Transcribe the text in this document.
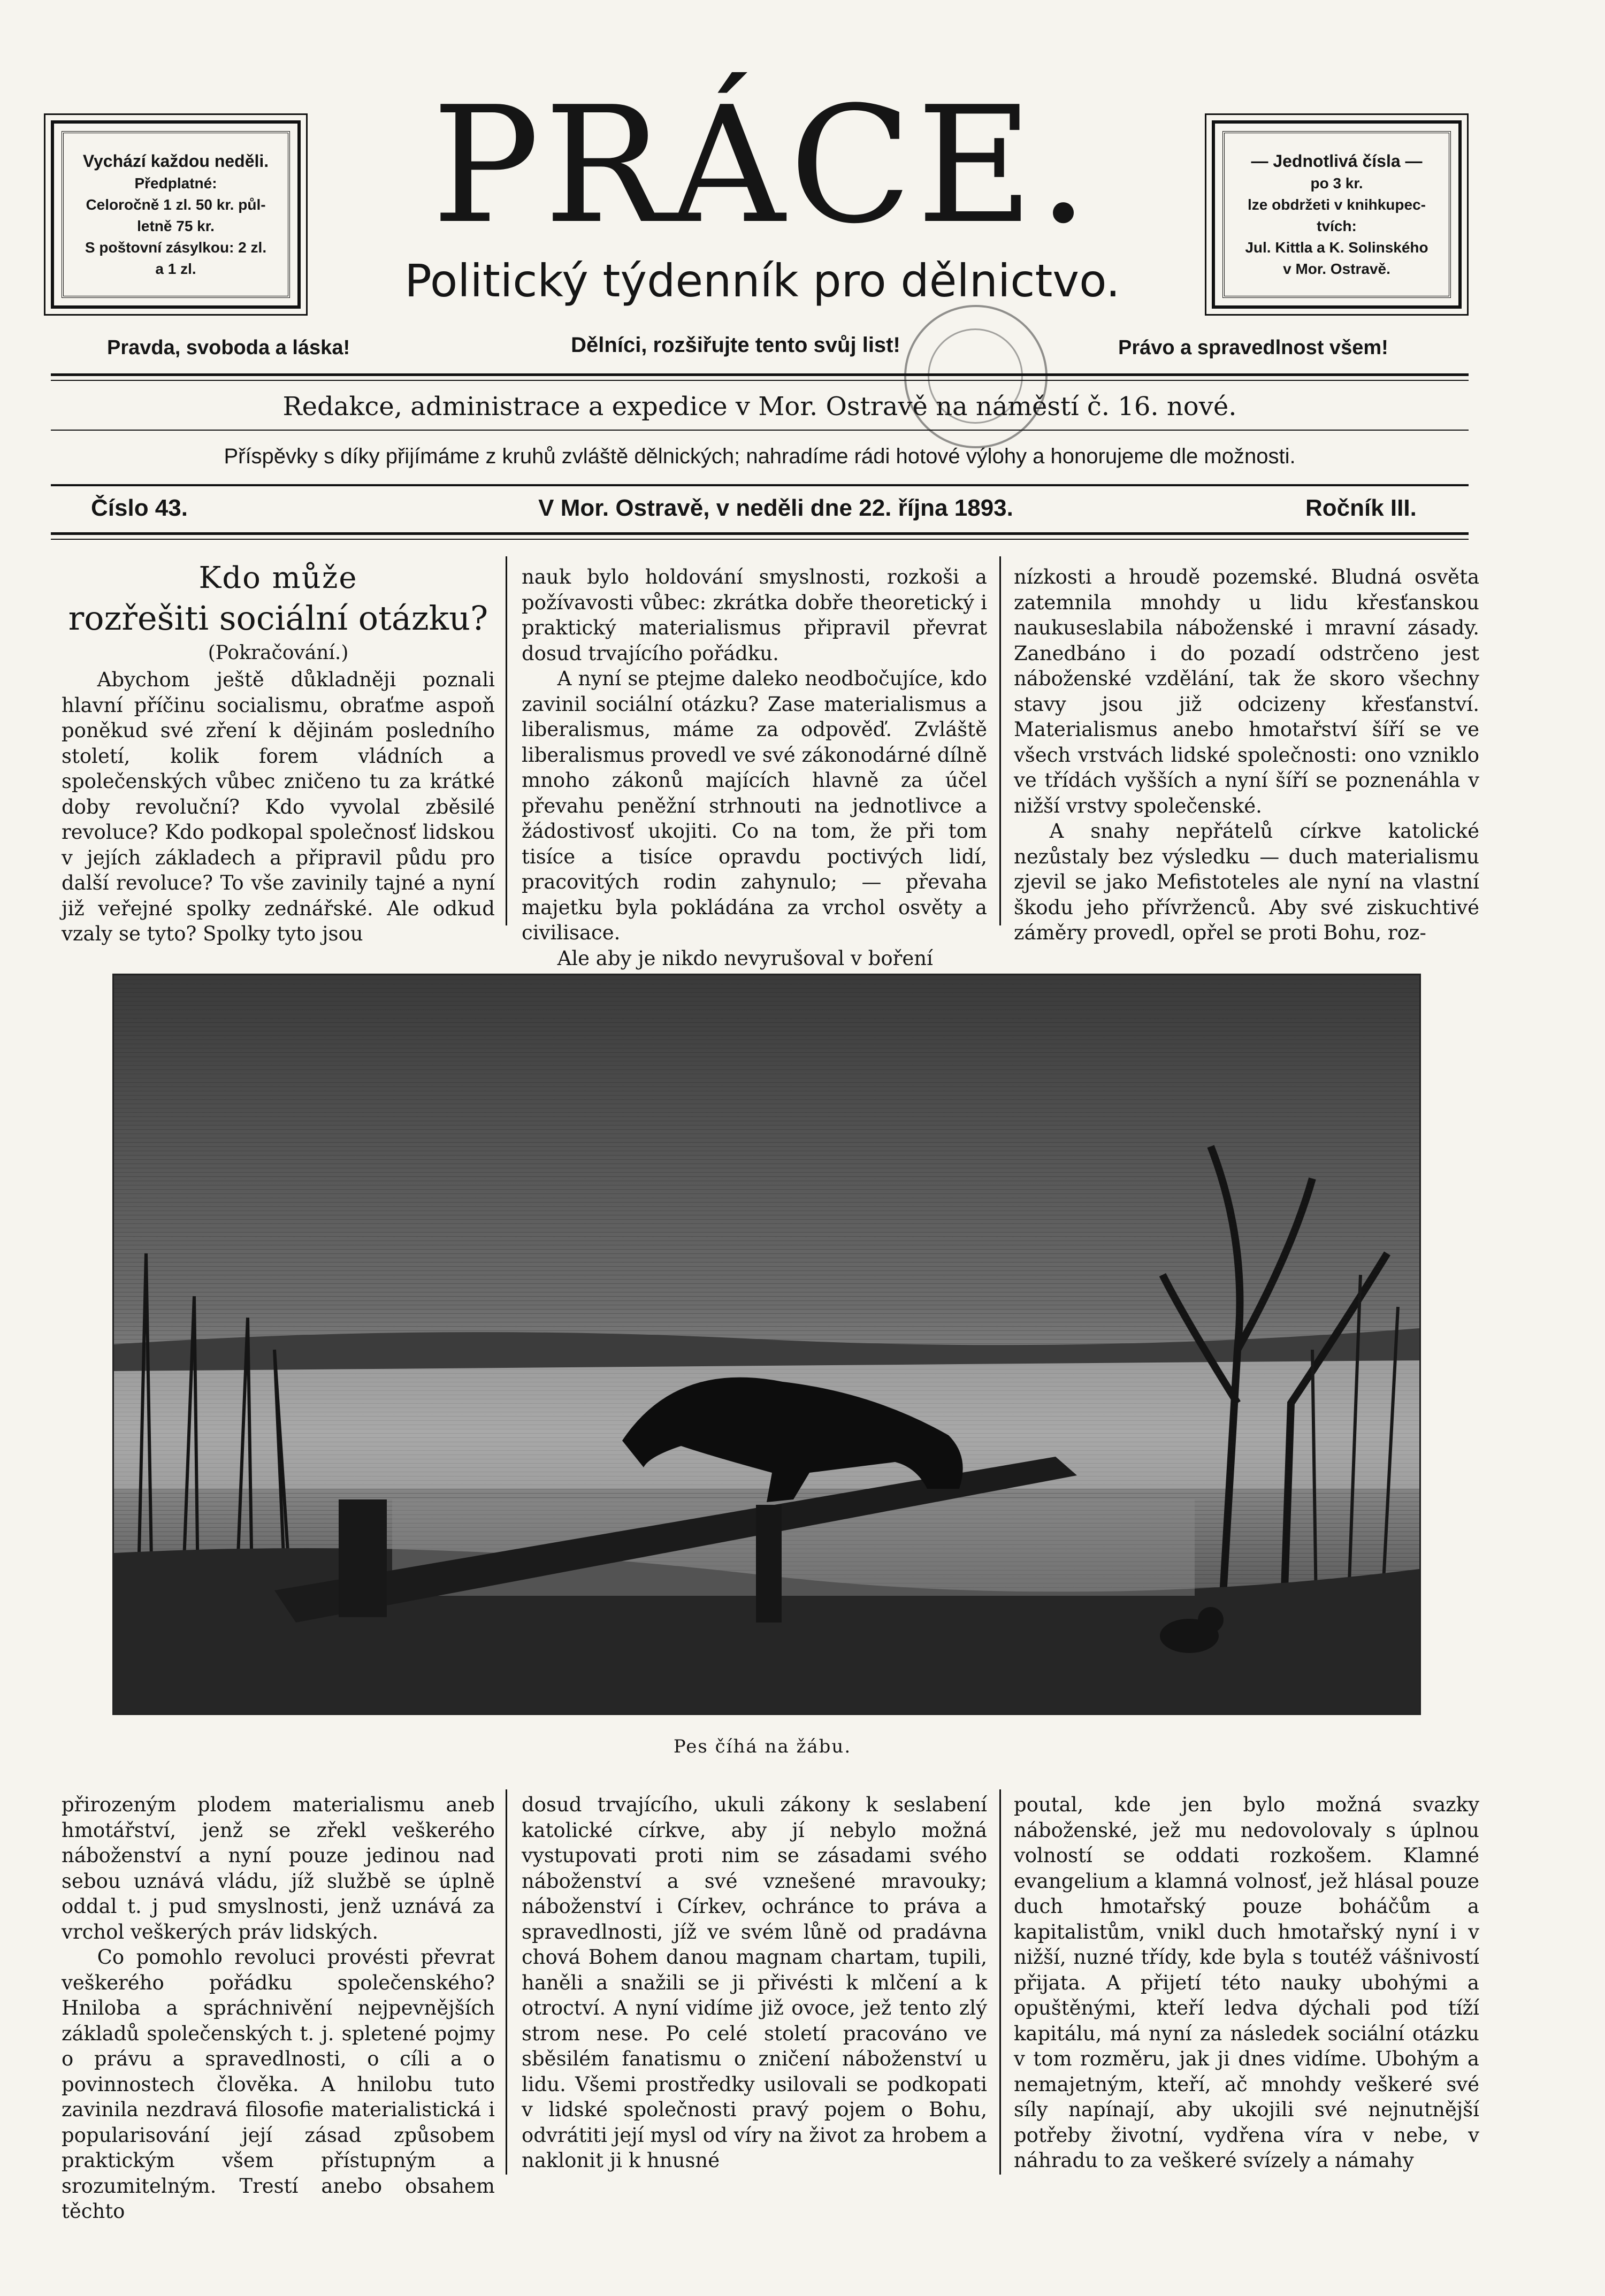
Vychází každou neděli.
Předplatné:
Celoročně 1 zl. 50 kr. půl-
letně 75 kr.
S poštovní zásylkou: 2 zl.
a 1 zl.
PRÁCE.
Politický týdenník pro dělnictvo.
— Jednotlivá čísla —
po 3 kr.
lze obdržeti v knihkupec-
tvích:
Jul. Kittla a K. Solinského
v Mor. Ostravě.
Pravda, svoboda a láska!	Dělníci, rozšiřujte tento svůj list!	Právo a spravedlnost všem!
Redakce, administrace a expedice v Mor. Ostravě na náměstí č. 16. nové.
Příspěvky s díky přijímáme z kruhů zvláště dělnických; nahradíme rádi hotové výlohy a honorujeme dle možnosti.
Číslo 43.	V Mor. Ostravě, v neděli dne 22. října 1893.	Ročník III.
Kdo může
rozřešiti sociální otázku?
(Pokračování.)

Abychom ještě důkladněji poznali hlavní příčinu socialismu, obraťme aspoň poněkud své zření k dějinám posledního století, kolik forem vládních a společenských vůbec zničeno tu za krátké doby revoluční? Kdo vyvolal zběsilé revoluce? Kdo podkopal společnosť lidskou v jejích základech a připravil půdu pro další revoluce? To vše zavinily tajné a nyní již veřejné spolky zednářské. Ale odkud vzaly se tyto? Spolky tyto jsou

nauk bylo holdování smyslnosti, rozkoši a požívavosti vůbec: zkrátka dobře theoretický i praktický materialismus připravil převrat dosud trvajícího pořádku.

A nyní se ptejme daleko neodbočujíce, kdo zavinil sociální otázku? Zase materialismus a liberalismus, máme za odpověď. Zvláště liberalismus provedl ve své zákonodárné dílně mnoho zákonů majících hlavně za účel převahu peněžní strhnouti na jednotlivce a žádostivosť ukojiti. Co na tom, že při tom tisíce a tisíce opravdu poctivých lidí, pracovitých rodin zahynulo; — převaha majetku byla pokládána za vrchol osvěty a civilisace.

Ale aby je nikdo nevyrušoval v boření

nízkosti a hroudě pozemské. Bludná osvěta zatemnila mnohdy u lidu křesťanskou naukuseslabila náboženské i mravní zásady. Zanedbáno i do pozadí odstrčeno jest náboženské vzdělání, tak že skoro všechny stavy jsou již odcizeny křesťanství. Materialismus anebo hmotařství šíří se ve všech vrstvách lidské společnosti: ono vzniklo ve třídách vyšších a nyní šíří se poznenáhla v nižší vrstvy společenské.

A snahy nepřátelů církve katolické nezůstaly bez výsledku — duch materialismu zjevil se jako Mefistoteles ale nyní na vlastní škodu jeho přívrženců. Aby své ziskuchtivé záměry provedl, opřel se proti Bohu, roz-

Pes číhá na žábu.

přirozeným plodem materialismu aneb hmotářství, jenž se zřekl veškerého náboženství a nyní pouze jedinou nad sebou uznává vládu, jíž službě se úplně oddal t. j pud smyslnosti, jenž uznává za vrchol veškerých práv lidských.

Co pomohlo revoluci provésti převrat veškerého pořádku společenského? Hniloba a spráchnivění nejpevnějších základů společenských t. j. spletené pojmy o právu a spravedlnosti, o cíli a o povinnostech člověka. A hnilobu tuto zavinila nezdravá filosofie materialistická i popularisování její zásad způsobem praktickým všem přístupným a srozumitelným. Trestí anebo obsahem těchto

dosud trvajícího, ukuli zákony k seslabení katolické církve, aby jí nebylo možná vystupovati proti nim se zásadami svého náboženství a své vznešené mravouky; náboženství i Církev, ochránce to práva a spravedlnosti, jíž ve svém lůně od pradávna chová Bohem danou magnam chartam, tupili, haněli a snažili se ji přivésti k mlčení a k otroctví. A nyní vidíme již ovoce, jež tento zlý strom nese. Po celé století pracováno ve sběsilém fanatismu o zničení náboženství u lidu. Všemi prostředky usilovali se podkopati v lidské společnosti pravý pojem o Bohu, odvrátiti její mysl od víry na život za hrobem a naklonit ji k hnusné

poutal, kde jen bylo možná svazky náboženské, jež mu nedovolovaly s úplnou volností se oddati rozkošem. Klamné evangelium a klamná volnosť, jež hlásal pouze duch hmotařský pouze boháčům a kapitalistům, vnikl duch hmotařský nyní i v nižší, nuzné třídy, kde byla s toutéž vášnivostí přijata. A přijetí této nauky ubohými a opuštěnými, kteří ledva dýchali pod tíží kapitálu, má nyní za následek sociální otázku v tom rozměru, jak ji dnes vidíme. Ubohým a nemajetným, kteří, ač mnohdy veškeré své síly napínají, aby ukojili své nejnutnější potřeby životní, vydřena víra v nebe, v náhradu to za veškeré svízely a námahy
